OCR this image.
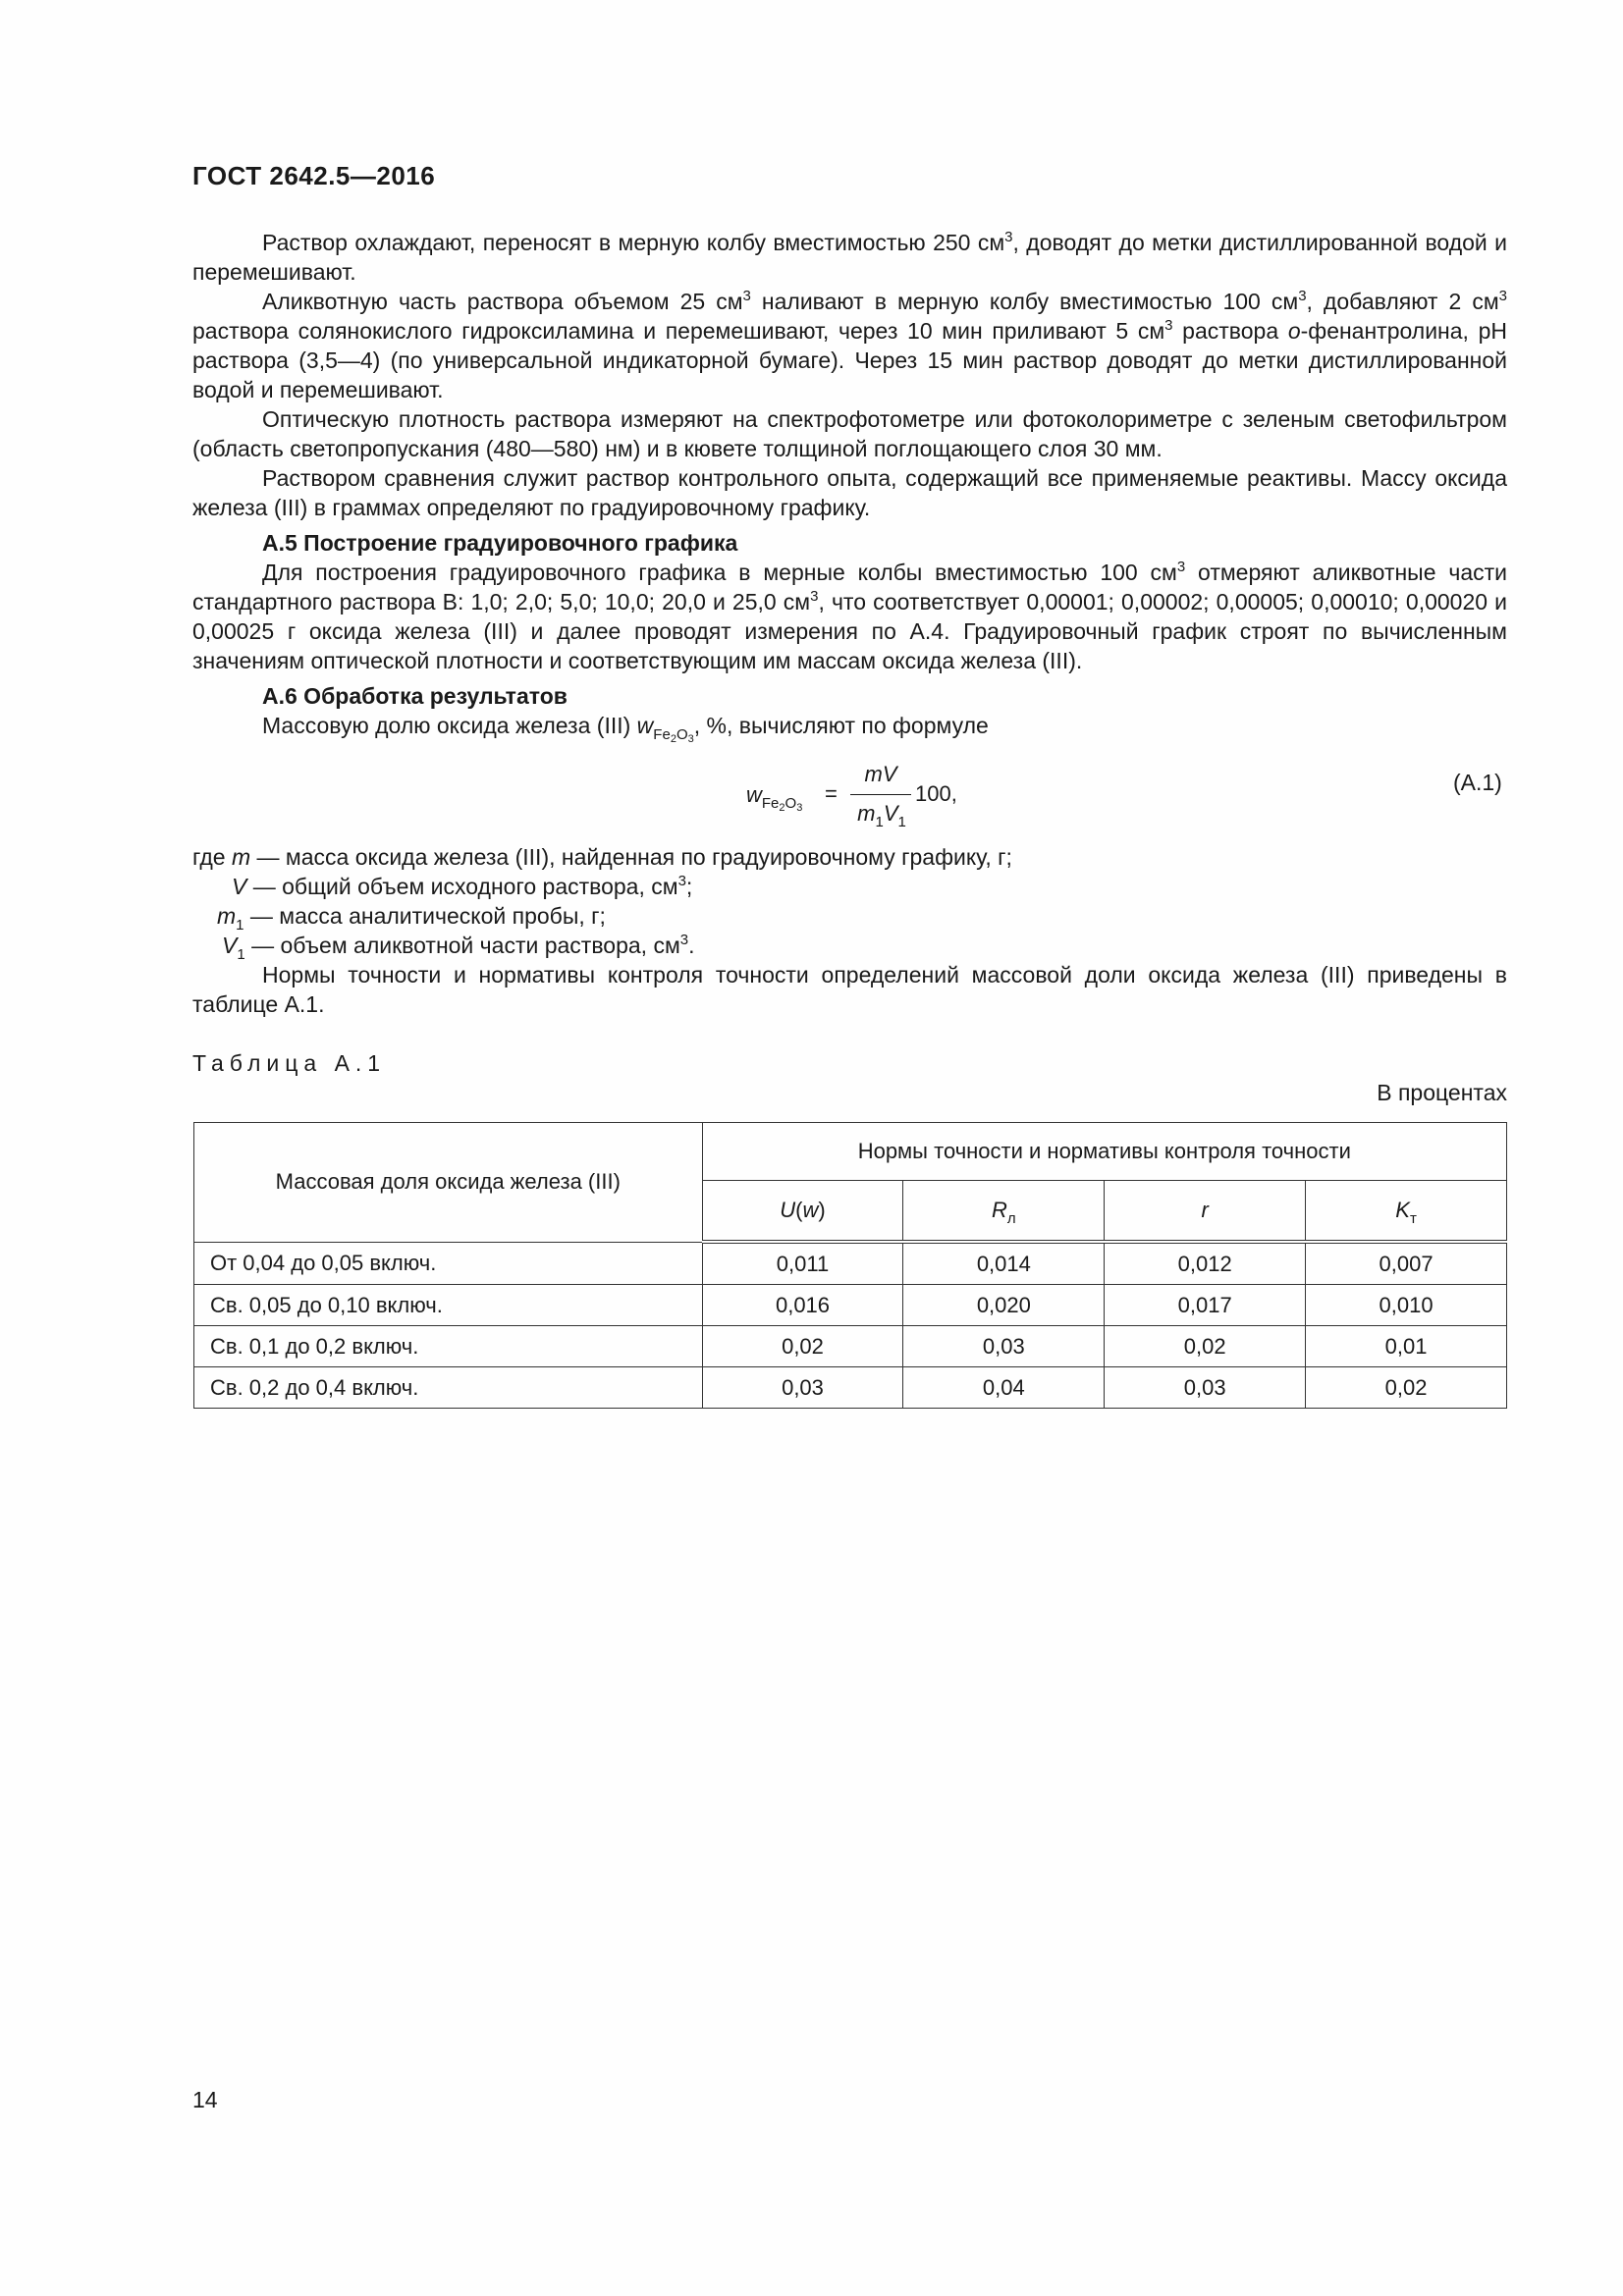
ГОСТ 2642.5—2016

Раствор охлаждают, переносят в мерную колбу вместимостью 250 $см^3$, доводят до метки дистиллированной водой и перемешивают.

Аликвотную часть раствора объемом 25 $см^3$ наливают в мерную колбу вместимостью 100 $см^3$, добавляют 2 $см^3$ раствора солянокислого гидроксиламина и перемешивают, через 10 мин приливают 5 $см^3$ раствора о-фенантролина, pH раствора (3,5—4) (по универсальной индикаторной бумаге). Через 15 мин раствор доводят до метки дистиллированной водой и перемешивают.

Оптическую плотность раствора измеряют на спектрофотометре или фотоколориметре с зеленым светофильтром (область светопропускания (480—580) нм) и в кювете толщиной поглощающего слоя 30 мм.

Раствором сравнения служит раствор контрольного опыта, содержащий все применяемые реактивы. Массу оксида железа (III) в граммах определяют по градуировочному графику.

А.5 Построение градуировочного графика

Для построения градуировочного графика в мерные колбы вместимостью 100 $см^3$ отмеряют аликвотные части стандартного раствора В: 1,0; 2,0; 5,0; 10,0; 20,0 и 25,0 $см^3$, что соответствует 0,00001; 0,00002; 0,00005; 0,00010; 0,00020 и 0,00025 г оксида железа (III) и далее проводят измерения по А.4. Градуировочный график строят по вычисленным значениям оптической плотности и соответствующим им массам оксида железа (III).

А.6 Обработка результатов

Массовую долю оксида железа (III) $w_{Fe_2O_3}$, %, вычисляют по формуле

$w_{Fe_2O_3}$
=
mV
$m_1V_1$
100,	(А.1)

где m — масса оксида железа (III), найденная по градуировочному графику, г;

V — общий объем исходного раствора, $см^3$;

$m_1$ — масса аналитической пробы, г;

$V_1$ — объем аликвотной части раствора, $см^3$.

Нормы точности и нормативы контроля точности определений массовой доли оксида железа (III) приведены в таблице А.1.

Таблица А.1
В процентах
Массовая доля оксида железа (III)	Нормы точности и нормативы контроля точности			
	U(w)	$R_л$	r	$K_т$
От 0,04 до 0,05 включ.	0,011	0,014	0,012	0,007
Св. 0,05 до 0,10 включ.	0,016	0,020	0,017	0,010
Св. 0,1 до 0,2 включ.	0,02	0,03	0,02	0,01
Св. 0,2 до 0,4 включ.	0,03	0,04	0,03	0,02
14
